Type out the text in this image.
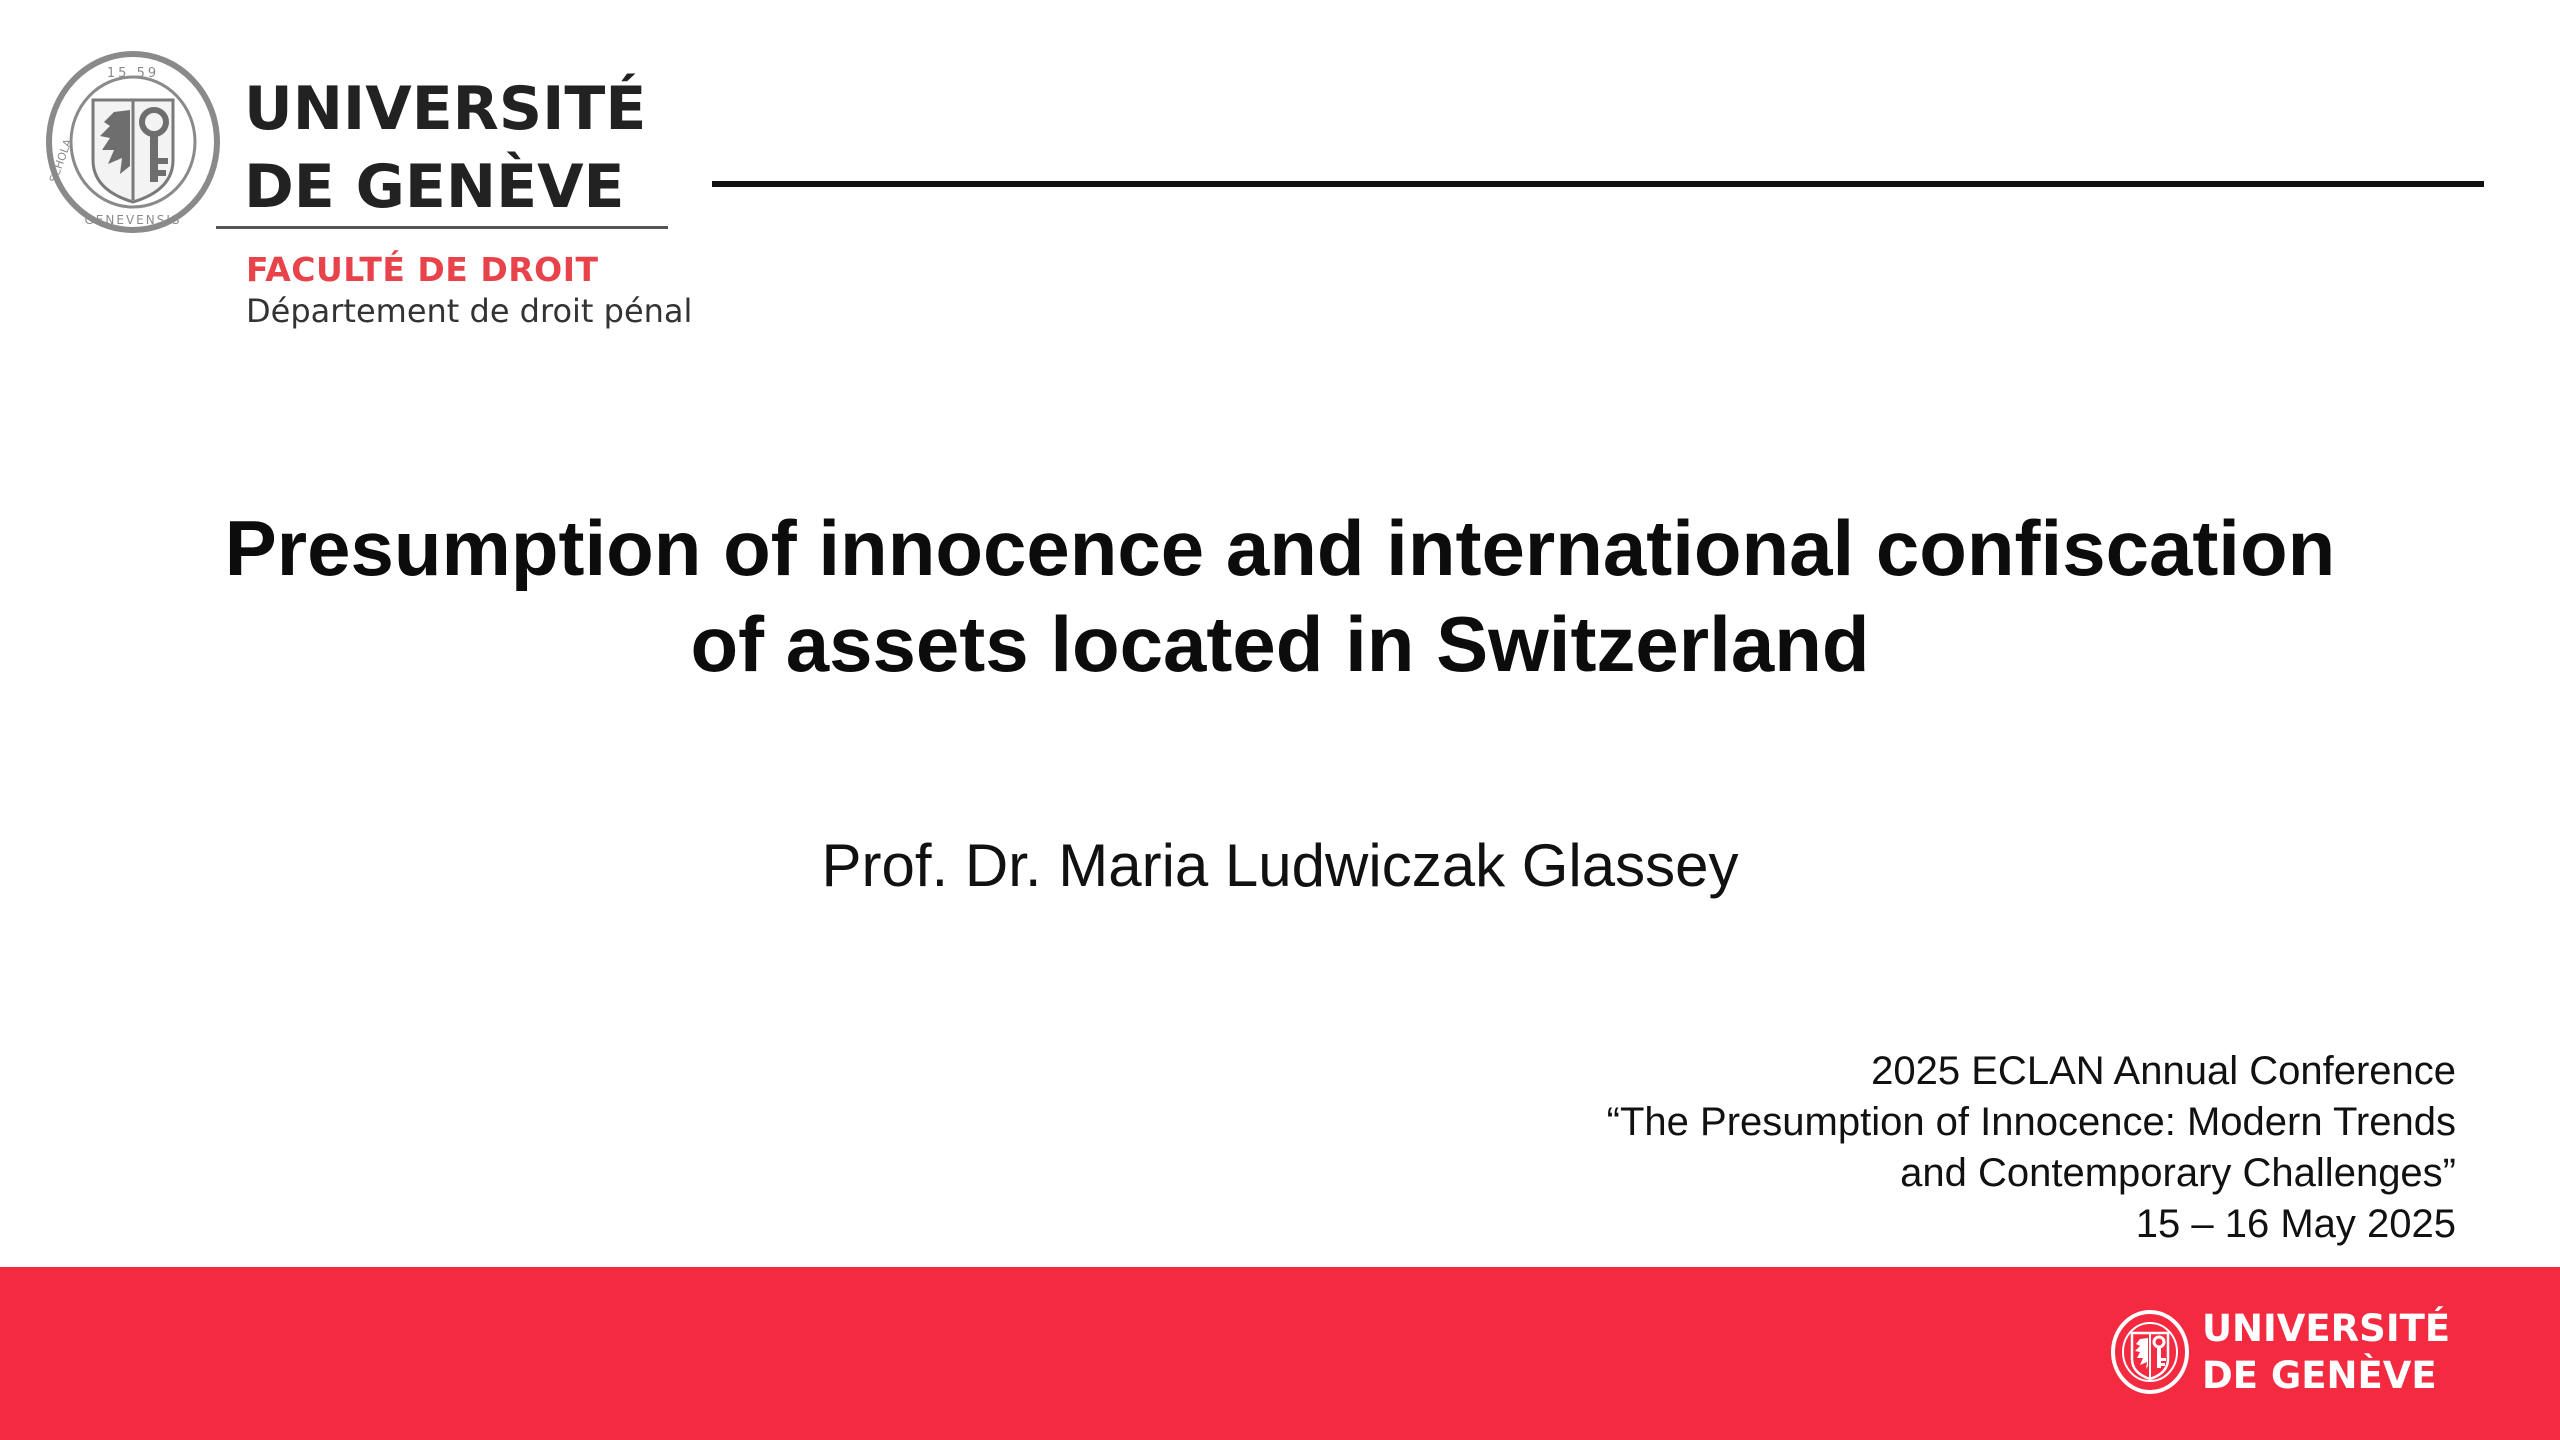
15 59
GENEVENSIS
SCHOLA
UNIVERSITÉ
DE GENÈVE
FACULTÉ DE DROIT
Département de droit pénal
Presumption of innocence and international confiscation
of assets located in Switzerland
Prof. Dr. Maria Ludwiczak Glassey
2025 ECLAN Annual Conference
“The Presumption of Innocence: Modern Trends
and Contemporary Challenges”
15 – 16 May 2025
UNIVERSITÉ
DE GENÈVE
